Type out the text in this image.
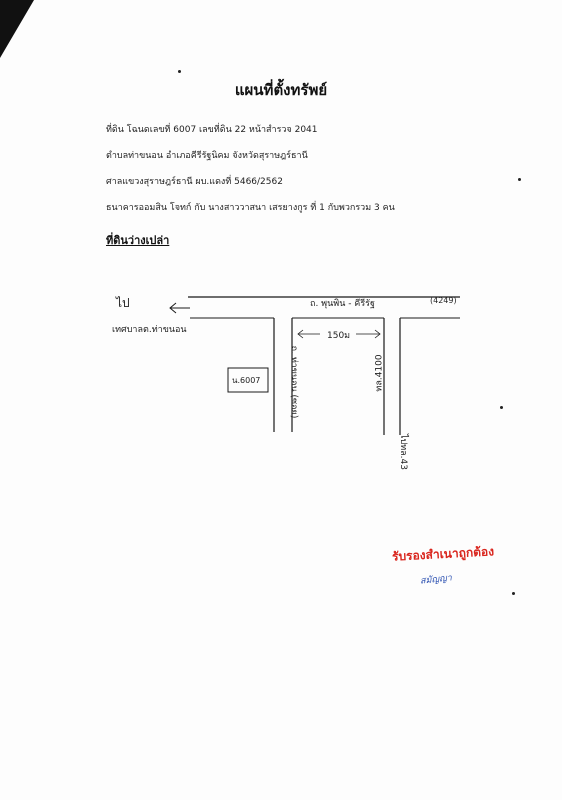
แผนที่ตั้งทรัพย์
ที่ดิน โฉนดเลขที่ 6007 เลขที่ดิน 22 หน้าสำรวจ 2041
ตำบลท่าขนอน อำเภอคีรีรัฐนิคม จังหวัดสุราษฎร์ธานี
ศาลแขวงสุราษฎร์ธานี ผบ.แดงที่ 5466/2562
ธนาคารออมสิน โจทก์ กับ นางสาววาสนา เสรยางกูร ที่ 1 กับพวกรวม 3 คน
ที่ดินว่างเปล่า
ไป
เทศบาลต.ท่าขนอน
ถ. พุนพิน - คีรีรัฐ	(4249)
150ม
ถ. ท่าขนอน (ซอย)	ทล.4100
ไปทล.43
น.6007
รับรองสำเนาถูกต้อง
สมัญญา
